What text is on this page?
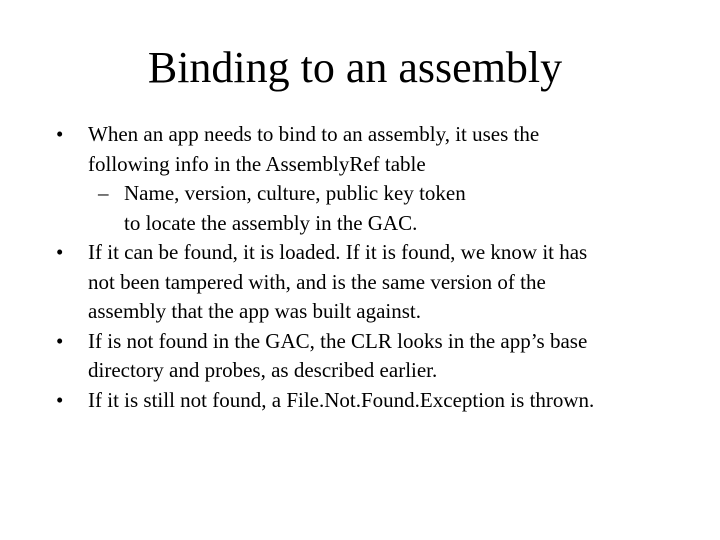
Binding to an assembly
•	When an app needs to bind to an assembly, it uses the
following info in the AssemblyRef table
– Name, version, culture, public key token
to locate the assembly in the GAC.
•	If it can be found, it is loaded. If it is found, we know it has
not been tampered with, and is the same version of the
assembly that the app was built against.
•	If is not found in the GAC, the CLR looks in the app’s base
directory and probes, as described earlier.
•	If it is still not found, a File.Not.Found.Exception is thrown.
